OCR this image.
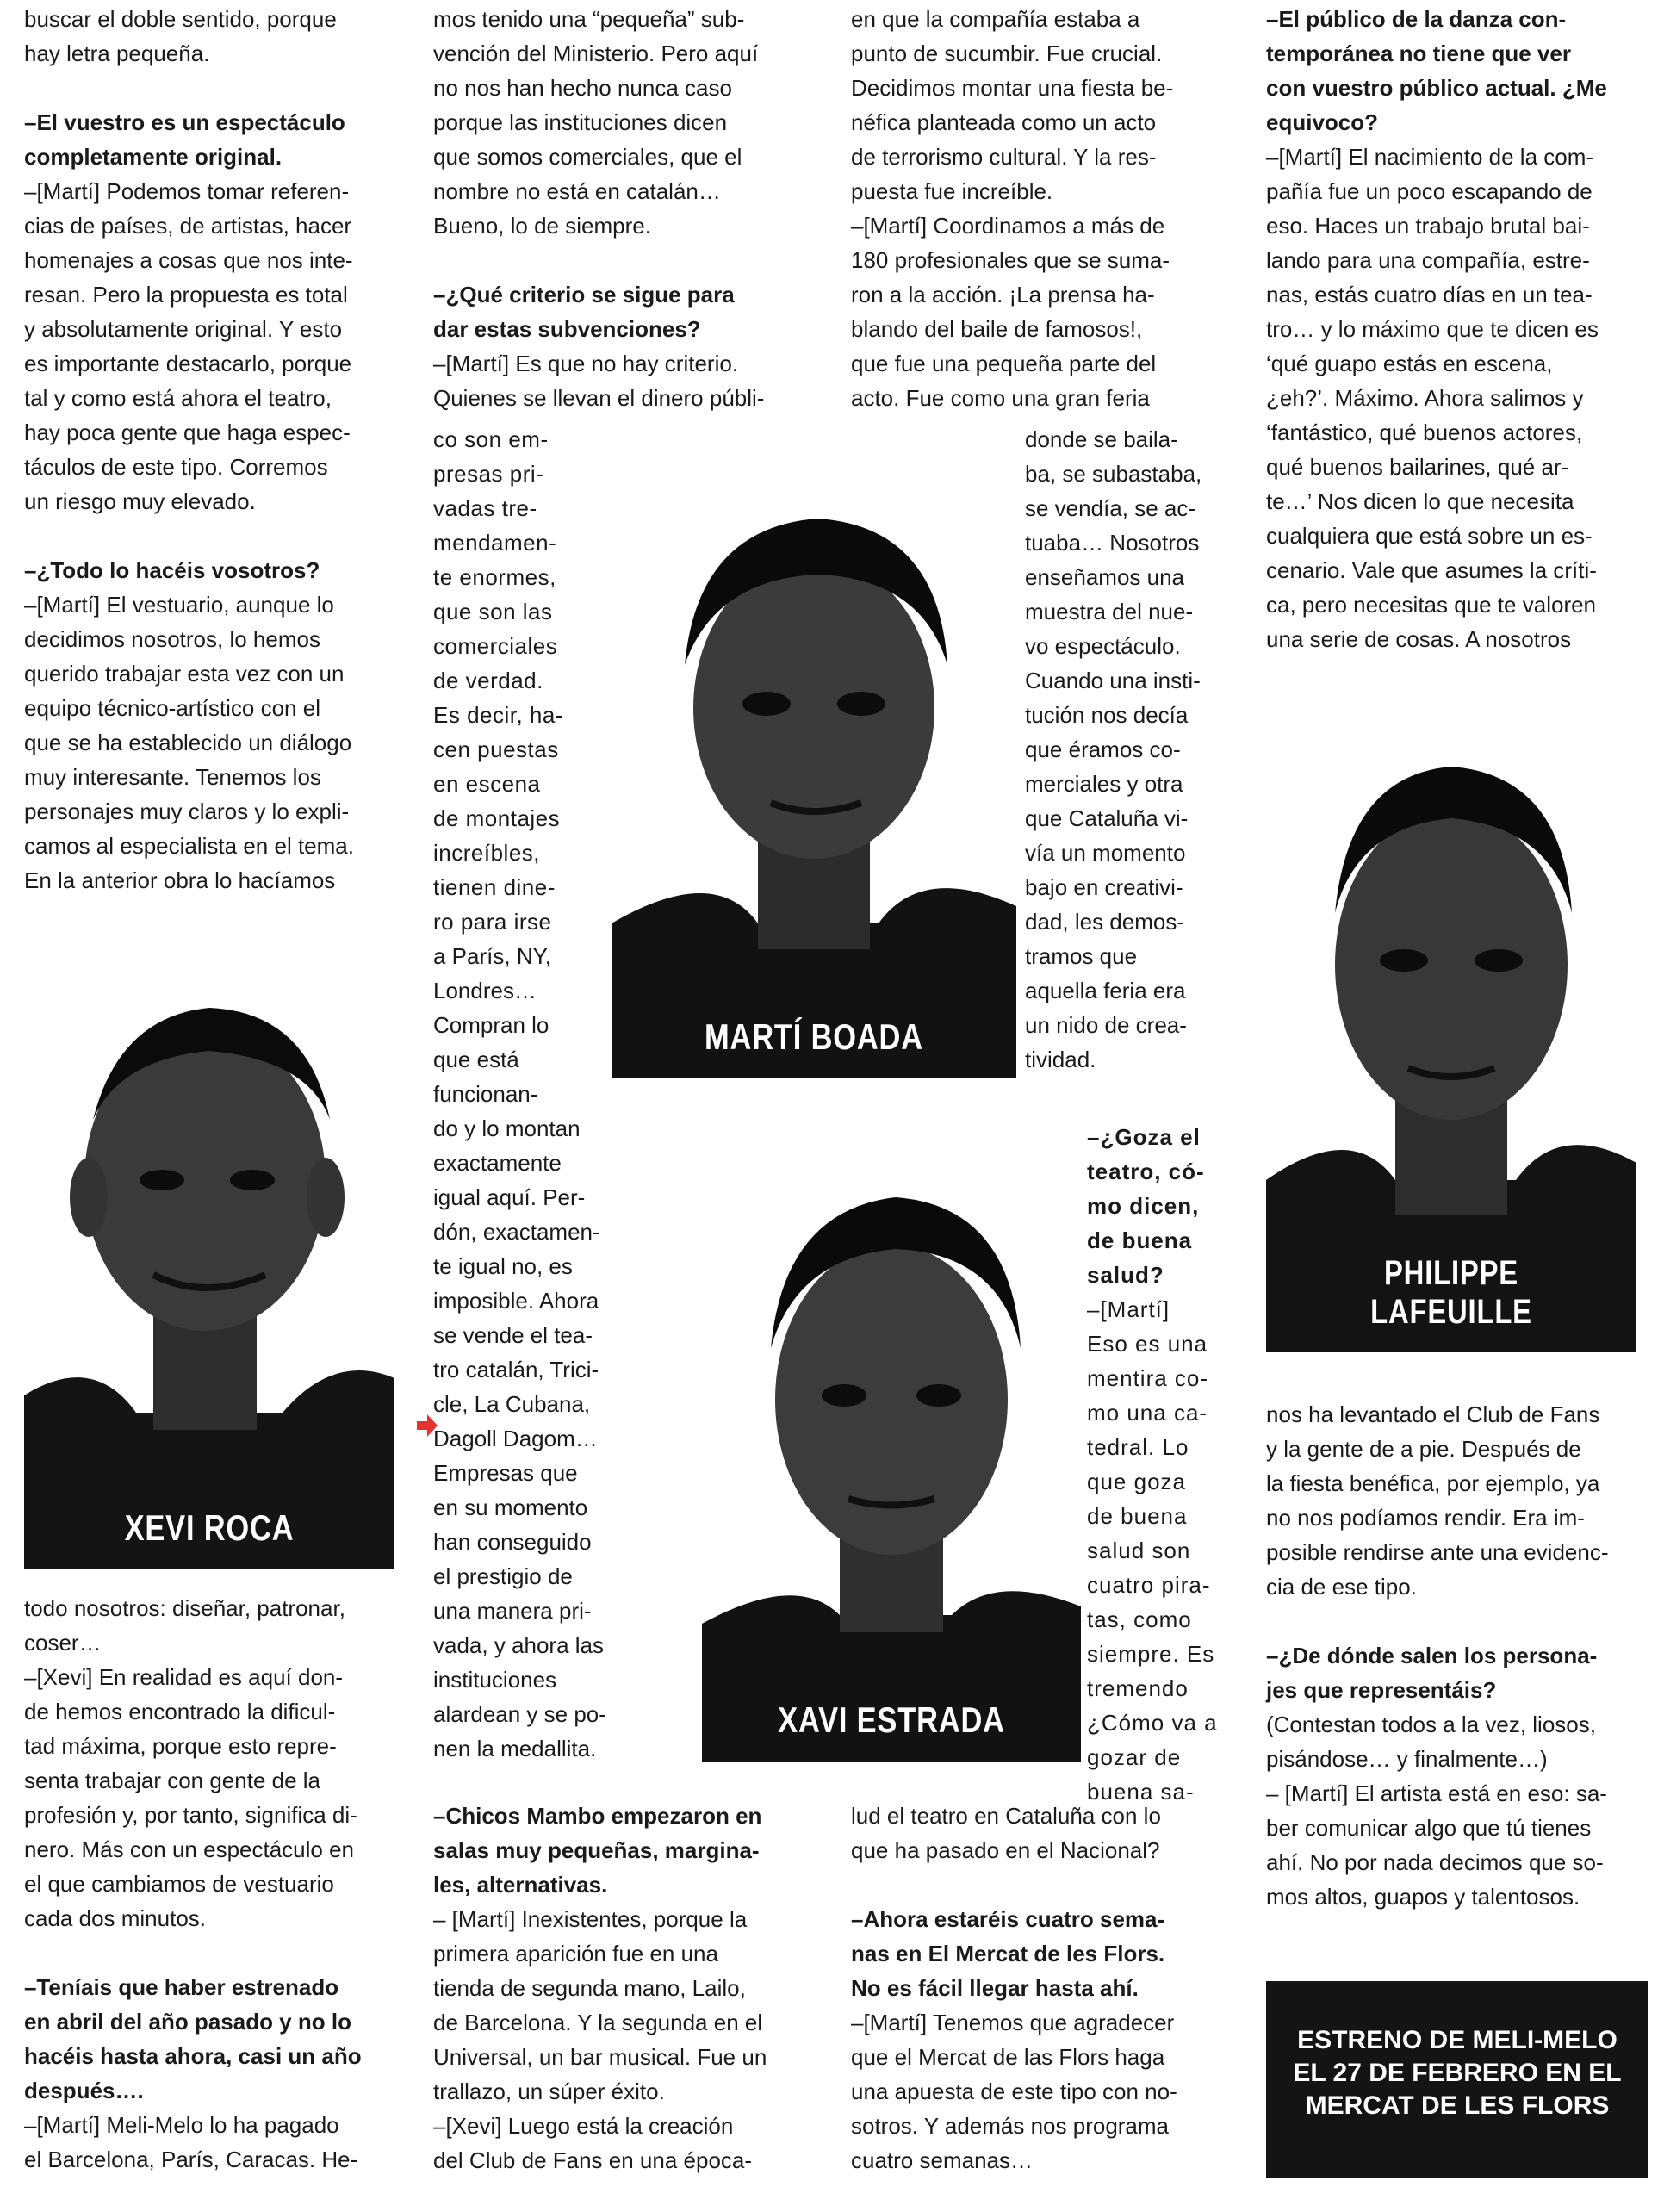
buscar el doble sentido, porque

hay letra pequeña.

–El vuestro es un espectáculo

completamente original.

–[Martí] Podemos tomar referen-

cias de países, de artistas, hacer

homenajes a cosas que nos inte-

resan. Pero la propuesta es total

y absolutamente original. Y esto

es importante destacarlo, porque

tal y como está ahora el teatro,

hay poca gente que haga espec-

táculos de este tipo. Corremos

un riesgo muy elevado.

–¿Todo lo hacéis vosotros?

–[Martí] El vestuario, aunque lo

decidimos nosotros, lo hemos

querido trabajar esta vez con un

equipo técnico-artístico con el

que se ha establecido un diálogo

muy interesante. Tenemos los

personajes muy claros y lo expli-

camos al especialista en el tema.

En la anterior obra lo hacíamos

XEVI ROCA

todo nosotros: diseñar, patronar,

coser…

–[Xevi] En realidad es aquí don-

de hemos encontrado la dificul-

tad máxima, porque esto repre-

senta trabajar con gente de la

profesión y, por tanto, significa di-

nero. Más con un espectáculo en

el que cambiamos de vestuario

cada dos minutos.

–Teníais que haber estrenado

en abril del año pasado y no lo

hacéis hasta ahora, casi un año

después….

–[Martí] Meli-Melo lo ha pagado

el Barcelona, París, Caracas. He-

mos tenido una “pequeña” sub-

vención del Ministerio. Pero aquí

no nos han hecho nunca caso

porque las instituciones dicen

que somos comerciales, que el

nombre no está en catalán…

Bueno, lo de siempre.

–¿Qué criterio se sigue para

dar estas subvenciones?

–[Martí] Es que no hay criterio.

Quienes se llevan el dinero públi-

co son em-

presas pri-

vadas tre-

mendamen-

te enormes,

que son las

comerciales

de verdad.

Es decir, ha-

cen puestas

en escena

de montajes

increíbles,

tienen dine-

ro para irse

a París, NY,

Londres…

Compran lo

que está

funcionan-

do y lo montan

exactamente

igual aquí. Per-

dón, exactamen-

te igual no, es

imposible. Ahora

se vende el tea-

tro catalán, Trici-

cle, La Cubana,

Dagoll Dagom…

Empresas que

en su momento

han conseguido

el prestigio de

una manera pri-

vada, y ahora las

instituciones

alardean y se po-

nen la medallita.

–Chicos Mambo empezaron en

salas muy pequeñas, margina-

les, alternativas.

– [Martí] Inexistentes, porque la

primera aparición fue en una

tienda de segunda mano, Lailo,

de Barcelona. Y la segunda en el

Universal, un bar musical. Fue un

trallazo, un súper éxito.

–[Xevi] Luego está la creación

del Club de Fans en una época-

MARTÍ BOADA
XAVI ESTRADA

en que la compañía estaba a

punto de sucumbir. Fue crucial.

Decidimos montar una fiesta be-

néfica planteada como un acto

de terrorismo cultural. Y la res-

puesta fue increíble.

–[Martí] Coordinamos a más de

180 profesionales que se suma-

ron a la acción. ¡La prensa ha-

blando del baile de famosos!,

que fue una pequeña parte del

acto. Fue como una gran feria

donde se baila-

ba, se subastaba,

se vendía, se ac-

tuaba… Nosotros

enseñamos una

muestra del nue-

vo espectáculo.

Cuando una insti-

tución nos decía

que éramos co-

merciales y otra

que Cataluña vi-

vía un momento

bajo en creativi-

dad, les demos-

tramos que

aquella feria era

un nido de crea-

tividad.

–¿Goza el

teatro, có-

mo dicen,

de buena

salud?

–[Martí]

Eso es una

mentira co-

mo una ca-

tedral. Lo

que goza

de buena

salud son

cuatro pira-

tas, como

siempre. Es

tremendo

¿Cómo va a

gozar de

buena sa-

lud el teatro en Cataluña con lo

que ha pasado en el Nacional?

–Ahora estaréis cuatro sema-

nas en El Mercat de les Flors.

No es fácil llegar hasta ahí.

–[Martí] Tenemos que agradecer

que el Mercat de las Flors haga

una apuesta de este tipo con no-

sotros. Y además nos programa

cuatro semanas…

–El público de la danza con-

temporánea no tiene que ver

con vuestro público actual. ¿Me

equivoco?

–[Martí] El nacimiento de la com-

pañía fue un poco escapando de

eso. Haces un trabajo brutal bai-

lando para una compañía, estre-

nas, estás cuatro días en un tea-

tro… y lo máximo que te dicen es

‘qué guapo estás en escena,

¿eh?’. Máximo. Ahora salimos y

‘fantástico, qué buenos actores,

qué buenos bailarines, qué ar-

te…’ Nos dicen lo que necesita

cualquiera que está sobre un es-

cenario. Vale que asumes la críti-

ca, pero necesitas que te valoren

una serie de cosas. A nosotros

PHILIPPE LAFEUILLE

nos ha levantado el Club de Fans

y la gente de a pie. Después de

la fiesta benéfica, por ejemplo, ya

no nos podíamos rendir. Era im-

posible rendirse ante una evidenc-

cia de ese tipo.

–¿De dónde salen los persona-

jes que representáis?

(Contestan todos a la vez, liosos,

pisándose… y finalmente…)

– [Martí] El artista está en eso: sa-

ber comunicar algo que tú tienes

ahí. No por nada decimos que so-

mos altos, guapos y talentosos.

ESTRENO DE MELI-MELO
EL 27 DE FEBRERO EN EL
MERCAT DE LES FLORS
